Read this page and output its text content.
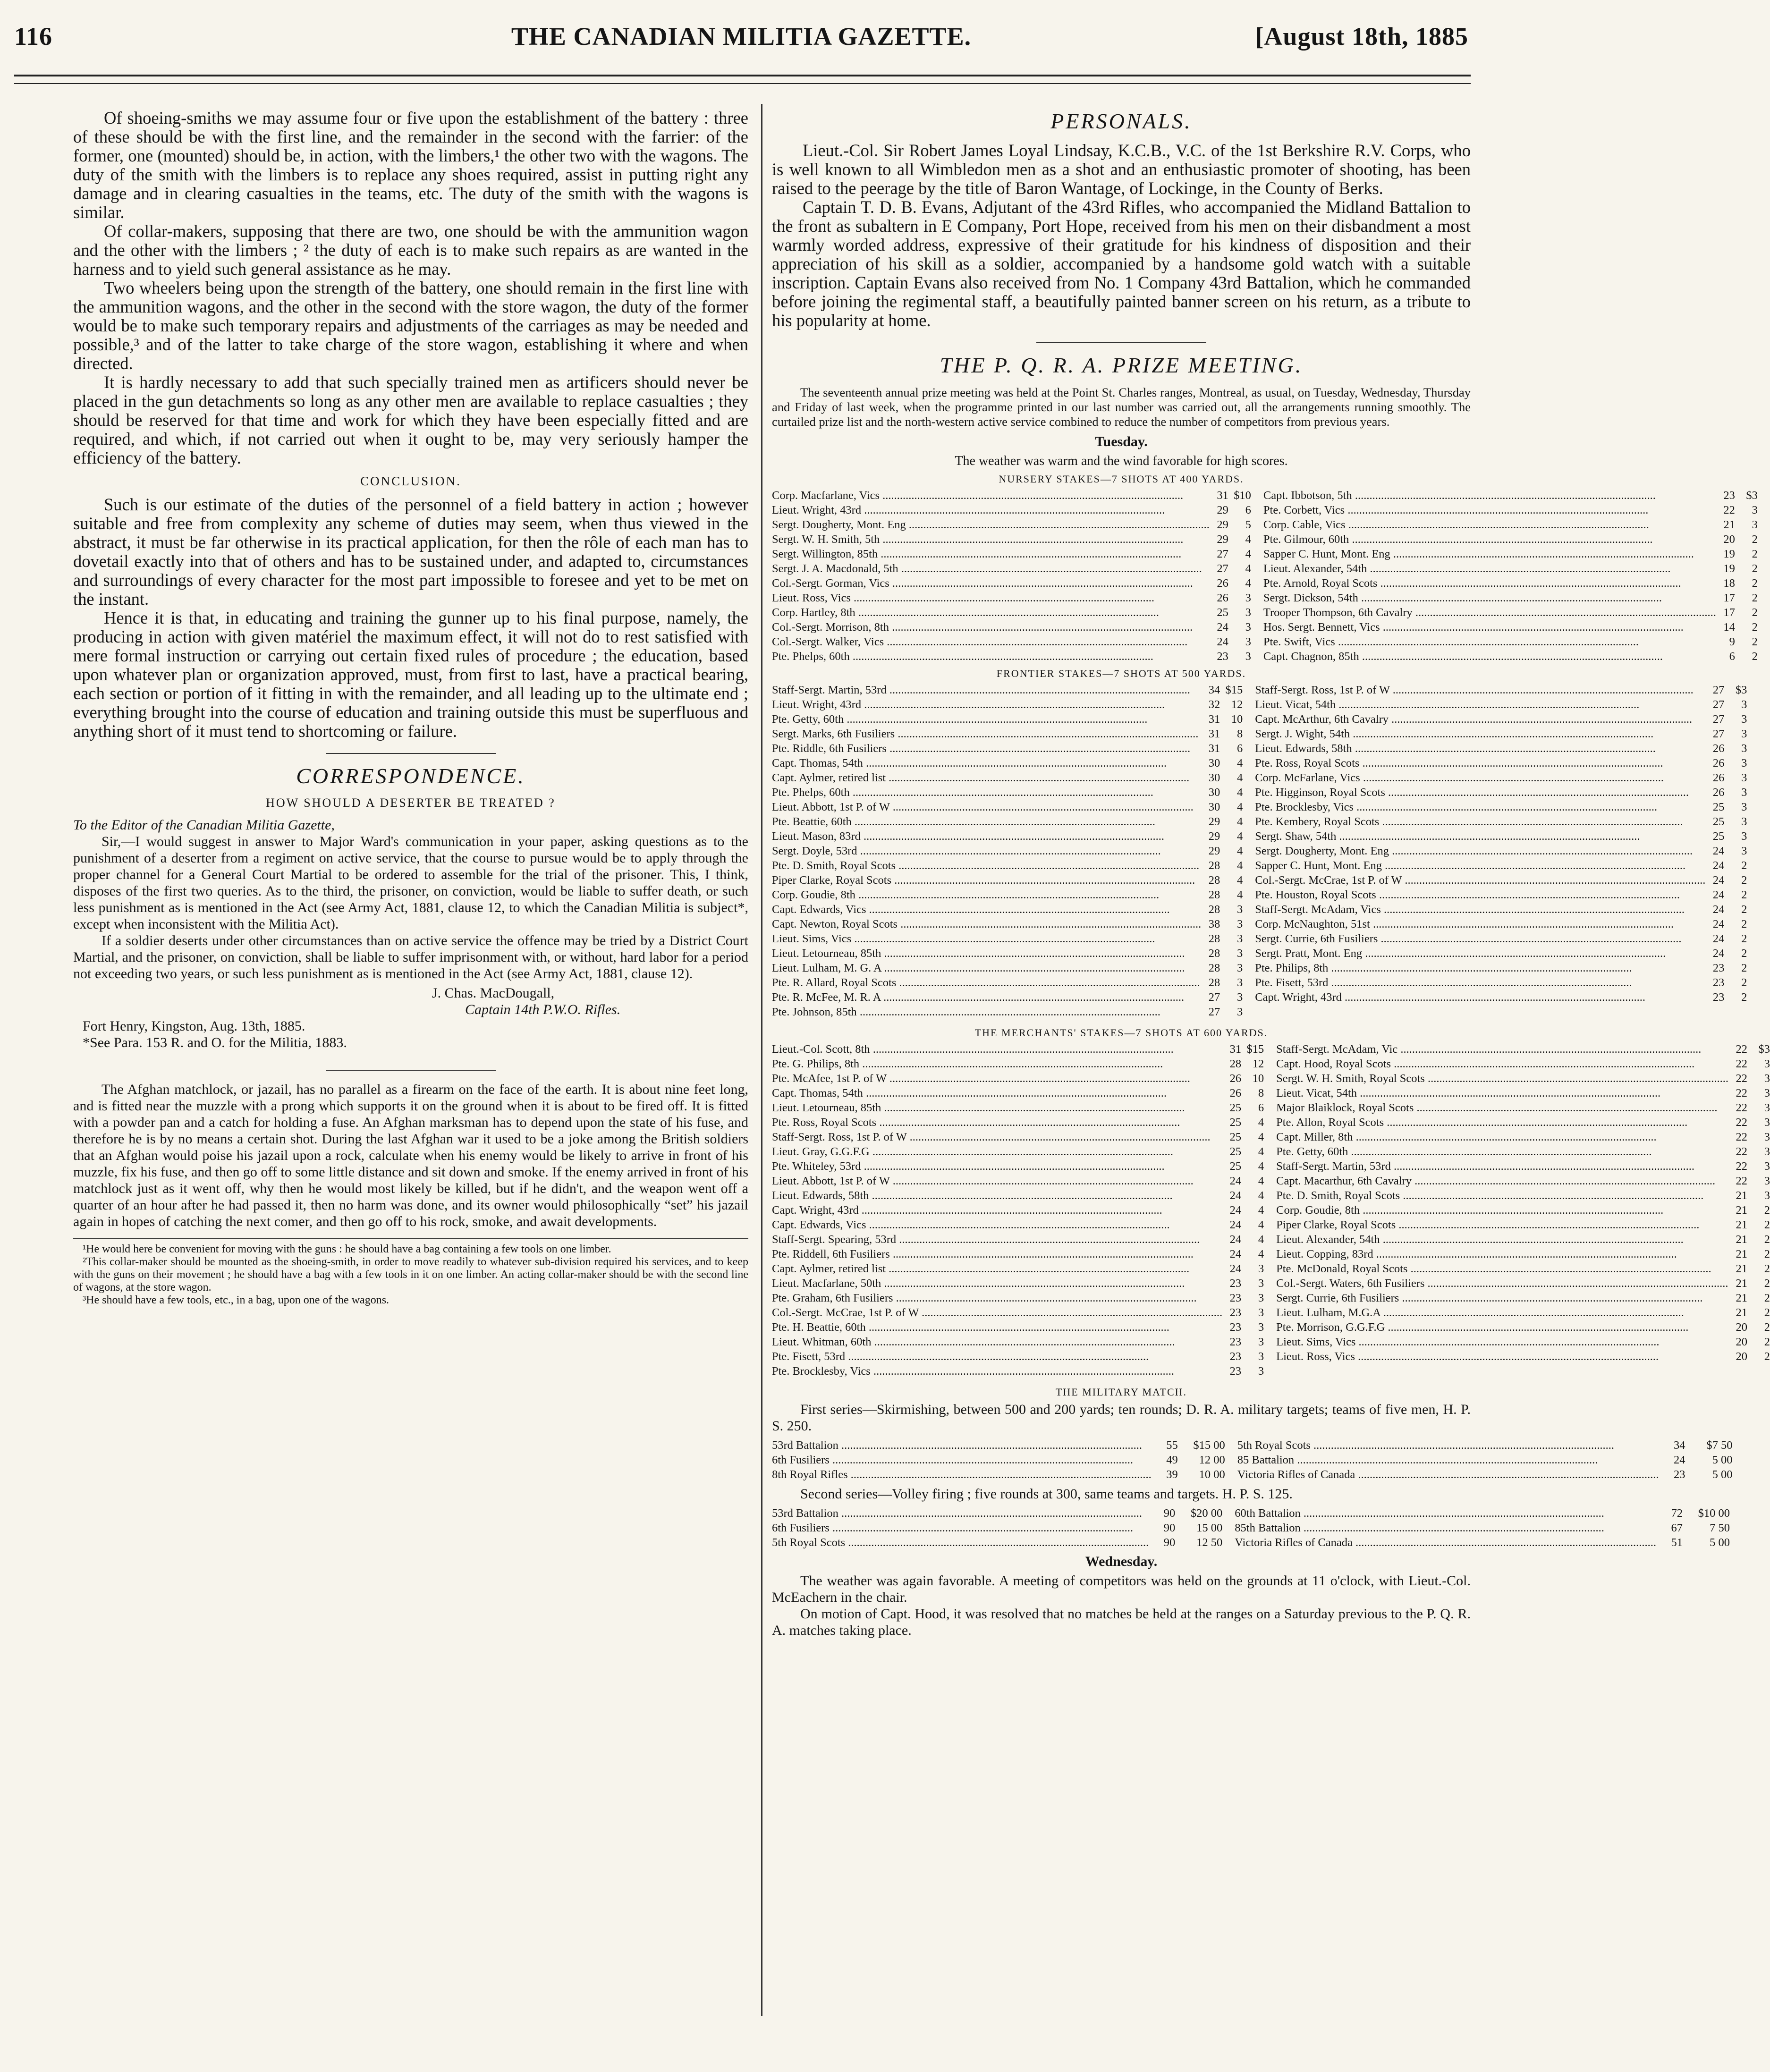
116	THE CANADIAN MILITIA GAZETTE.	[August 18th, 1885

Of shoeing-smiths we may assume four or five upon the establishment of the battery : three of these should be with the first line, and the remainder in the second with the farrier: of the former, one (mounted) should be, in action, with the limbers,¹ the other two with the wagons. The duty of the smith with the limbers is to replace any shoes required, assist in putting right any damage and in clearing casualties in the teams, etc. The duty of the smith with the wagons is similar.

Of collar-makers, supposing that there are two, one should be with the ammunition wagon and the other with the limbers ; ² the duty of each is to make such repairs as are wanted in the harness and to yield such general assistance as he may.

Two wheelers being upon the strength of the battery, one should remain in the first line with the ammunition wagons, and the other in the second with the store wagon, the duty of the former would be to make such temporary repairs and adjustments of the carriages as may be needed and possible,³ and of the latter to take charge of the store wagon, establishing it where and when directed.

It is hardly necessary to add that such specially trained men as artificers should never be placed in the gun detachments so long as any other men are available to replace casualties ; they should be reserved for that time and work for which they have been especially fitted and are required, and which, if not carried out when it ought to be, may very seriously hamper the efficiency of the battery.

CONCLUSION.

Such is our estimate of the duties of the personnel of a field battery in action ; however suitable and free from complexity any scheme of duties may seem, when thus viewed in the abstract, it must be far otherwise in its practical application, for then the rôle of each man has to dovetail exactly into that of others and has to be sustained under, and adapted to, circumstances and surroundings of every character for the most part impossible to foresee and yet to be met on the instant.

Hence it is that, in educating and training the gunner up to his final purpose, namely, the producing in action with given matériel the maximum effect, it will not do to rest satisfied with mere formal instruction or carrying out certain fixed rules of procedure ; the education, based upon whatever plan or organization approved, must, from first to last, have a practical bearing, each section or portion of it fitting in with the remainder, and all leading up to the ultimate end ; everything brought into the course of education and training outside this must be superfluous and anything short of it must tend to shortcoming or failure.

CORRESPONDENCE.
HOW SHOULD A DESERTER BE TREATED ?

To the Editor of the Canadian Militia Gazette,

Sir,—I would suggest in answer to Major Ward's communication in your paper, asking questions as to the punishment of a deserter from a regiment on active service, that the course to pursue would be to apply through the proper channel for a General Court Martial to be ordered to assemble for the trial of the prisoner. This, I think, disposes of the first two queries. As to the third, the prisoner, on conviction, would be liable to suffer death, or such less punishment as is mentioned in the Act (see Army Act, 1881, clause 12, to which the Canadian Militia is subject*, except when inconsistent with the Militia Act).

If a soldier deserts under other circumstances than on active service the offence may be tried by a District Court Martial, and the prisoner, on conviction, shall be liable to suffer imprisonment with, or without, hard labor for a period not exceeding two years, or such less punishment as is mentioned in the Act (see Army Act, 1881, clause 12).

J. Chas. MacDougall,
Captain 14th P.W.O. Rifles.
Fort Henry, Kingston, Aug. 13th, 1885.
*See Para. 153 R. and O. for the Militia, 1883.

The Afghan matchlock, or jazail, has no parallel as a firearm on the face of the earth. It is about nine feet long, and is fitted near the muzzle with a prong which supports it on the ground when it is about to be fired off. It is fitted with a powder pan and a catch for holding a fuse. An Afghan marksman has to depend upon the state of his fuse, and therefore he is by no means a certain shot. During the last Afghan war it used to be a joke among the British soldiers that an Afghan would poise his jazail upon a rock, calculate when his enemy would be likely to arrive in front of his muzzle, fix his fuse, and then go off to some little distance and sit down and smoke. If the enemy arrived in front of his matchlock just as it went off, why then he would most likely be killed, but if he didn't, and the weapon went off a quarter of an hour after he had passed it, then no harm was done, and its owner would philosophically “set” his jazail again in hopes of catching the next comer, and then go off to his rock, smoke, and await developments.

¹He would here be convenient for moving with the guns : he should have a bag containing a few tools on one limber.

²This collar-maker should be mounted as the shoeing-smith, in order to move readily to whatever sub-division required his services, and to keep with the guns on their movement ; he should have a bag with a few tools in it on one limber. An acting collar-maker should be with the second line of wagons, at the store wagon.

³He should have a few tools, etc., in a bag, upon one of the wagons.

PERSONALS.

Lieut.-Col. Sir Robert James Loyal Lindsay, K.C.B., V.C. of the 1st Berkshire R.V. Corps, who is well known to all Wimbledon men as a shot and an enthusiastic promoter of shooting, has been raised to the peerage by the title of Baron Wantage, of Lockinge, in the County of Berks.

Captain T. D. B. Evans, Adjutant of the 43rd Rifles, who accompanied the Midland Battalion to the front as subaltern in E Company, Port Hope, received from his men on their disbandment a most warmly worded address, expressive of their gratitude for his kindness of disposition and their appreciation of his skill as a soldier, accompanied by a handsome gold watch with a suitable inscription. Captain Evans also received from No. 1 Company 43rd Battalion, which he commanded before joining the regimental staff, a beautifully painted banner screen on his return, as a tribute to his popularity at home.

THE P. Q. R. A. PRIZE MEETING.

The seventeenth annual prize meeting was held at the Point St. Charles ranges, Montreal, as usual, on Tuesday, Wednesday, Thursday and Friday of last week, when the programme printed in our last number was carried out, all the arrangements running smoothly. The curtailed prize list and the north-western active service combined to reduce the number of competitors from previous years.

Tuesday.

The weather was warm and the wind favorable for high scores.

NURSERY STAKES—7 SHOTS AT 400 YARDS.
Corp. Macfarlane, Vics .....	31 $10
Lieut. Wright, 43rd .....	29	6
Sergt. Dougherty, Mont. Eng .....	29	5
Sergt. W. H. Smith, 5th .....	29	4
Sergt. Willington, 85th .....	27	4
Sergt. J. A. Macdonald, 5th .....	27	4
Col.-Sergt. Gorman, Vics .....	26	4
Lieut. Ross, Vics .....	26	3
Corp. Hartley, 8th .....	25	3
Col.-Sergt. Morrison, 8th .....	24	3
Col.-Sergt. Walker, Vics .....	24	3
Pte. Phelps, 60th .....	23	3
Capt. Ibbotson, 5th .....	23 $3
Pte. Corbett, Vics .....	22	3
Corp. Cable, Vics .....	21	3
Pte. Gilmour, 60th .....	20	2
Sapper C. Hunt, Mont. Eng .....	19	2
Lieut. Alexander, 54th .....	19	2
Pte. Arnold, Royal Scots .....	18	2
Sergt. Dickson, 54th .....	17	2
Trooper Thompson, 6th Cavalry .....	17	2
Hos. Sergt. Bennett, Vics .....	14	2
Pte. Swift, Vics .....	9	2
Capt. Chagnon, 85th .....	6	2
FRONTIER STAKES—7 SHOTS AT 500 YARDS.
Staff-Sergt. Martin, 53rd .....	34 $15
Lieut. Wright, 43rd .....	32 12
Pte. Getty, 60th .....	31 10
Sergt. Marks, 6th Fusiliers .....	31	8
Pte. Riddle, 6th Fusiliers .....	31	6
Capt. Thomas, 54th .....	30	4
Capt. Aylmer, retired list .....	30	4
Pte. Phelps, 60th .....	30	4
Lieut. Abbott, 1st P. of W .....	30	4
Pte. Beattie, 60th .....	29	4
Lieut. Mason, 83rd .....	29	4
Sergt. Doyle, 53rd .....	29	4
Pte. D. Smith, Royal Scots .....	28	4
Piper Clarke, Royal Scots .....	28	4
Corp. Goudie, 8th .....	28	4
Capt. Edwards, Vics .....	28	3
Capt. Newton, Royal Scots .....	38	3
Lieut. Sims, Vics .....	28	3
Lieut. Letourneau, 85th .....	28	3
Lieut. Lulham, M. G. A .....	28	3
Pte. R. Allard, Royal Scots .....	28	3
Pte. R. McFee, M. R. A .....	27	3
Pte. Johnson, 85th .....	27	3
Staff-Sergt. Ross, 1st P. of W .....	27 $3
Lieut. Vicat, 54th .....	27	3
Capt. McArthur, 6th Cavalry .....	27	3
Sergt. J. Wight, 54th .....	27	3
Lieut. Edwards, 58th .....	26	3
Pte. Ross, Royal Scots .....	26	3
Corp. McFarlane, Vics .....	26	3
Pte. Higginson, Royal Scots .....	26	3
Pte. Brocklesby, Vics .....	25	3
Pte. Kembery, Royal Scots .....	25	3
Sergt. Shaw, 54th .....	25	3
Sergt. Dougherty, Mont. Eng .....	24	3
Sapper C. Hunt, Mont. Eng .....	24	2
Col.-Sergt. McCrae, 1st P. of W .....	24	2
Pte. Houston, Royal Scots .....	24	2
Staff-Sergt. McAdam, Vics .....	24	2
Corp. McNaughton, 51st .....	24	2
Sergt. Currie, 6th Fusiliers .....	24	2
Sergt. Pratt, Mont. Eng .....	24	2
Pte. Philips, 8th .....	23	2
Pte. Fisett, 53rd .....	23	2
Capt. Wright, 43rd .....	23	2
THE MERCHANTS' STAKES—7 SHOTS AT 600 YARDS.
Lieut.-Col. Scott, 8th .....	31 $15
Pte. G. Philips, 8th .....	28 12
Pte. McAfee, 1st P. of W .....	26 10
Capt. Thomas, 54th .....	26	8
Lieut. Letourneau, 85th .....	25	6
Pte. Ross, Royal Scots .....	25	4
Staff-Sergt. Ross, 1st P. of W .....	25	4
Lieut. Gray, G.G.F.G .....	25	4
Pte. Whiteley, 53rd .....	25	4
Lieut. Abbott, 1st P. of W .....	24	4
Lieut. Edwards, 58th .....	24	4
Capt. Wright, 43rd .....	24	4
Capt. Edwards, Vics .....	24	4
Staff-Sergt. Spearing, 53rd .....	24	4
Pte. Riddell, 6th Fusiliers .....	24	4
Capt. Aylmer, retired list .....	24	3
Lieut. Macfarlane, 50th .....	23	3
Pte. Graham, 6th Fusiliers .....	23	3
Col.-Sergt. McCrae, 1st P. of W .....	23	3
Pte. H. Beattie, 60th .....	23	3
Lieut. Whitman, 60th .....	23	3
Pte. Fisett, 53rd .....	23	3
Pte. Brocklesby, Vics .....	23	3
Staff-Sergt. McAdam, Vic .....	22 $3
Capt. Hood, Royal Scots .....	22	3
Sergt. W. H. Smith, Royal Scots .....	22	3
Lieut. Vicat, 54th .....	22	3
Major Blaiklock, Royal Scots .....	22	3
Pte. Allon, Royal Scots .....	22	3
Capt. Miller, 8th .....	22	3
Pte. Getty, 60th .....	22	3
Staff-Sergt. Martin, 53rd .....	22	3
Capt. Macarthur, 6th Cavalry .....	22	3
Pte. D. Smith, Royal Scots .....	21	3
Corp. Goudie, 8th .....	21	2
Piper Clarke, Royal Scots .....	21	2
Lieut. Alexander, 54th .....	21	2
Lieut. Copping, 83rd .....	21	2
Pte. McDonald, Royal Scots .....	21	2
Col.-Sergt. Waters, 6th Fusiliers .....	21	2
Sergt. Currie, 6th Fusiliers .....	21	2
Lieut. Lulham, M.G.A .....	21	2
Pte. Morrison, G.G.F.G .....	20	2
Lieut. Sims, Vics .....	20	2
Lieut. Ross, Vics .....	20	2
THE MILITARY MATCH.

First series—Skirmishing, between 500 and 200 yards; ten rounds; D. R. A. military targets; teams of five men, H. P. S. 250.

53rd Battalion .....	55	$15 00
6th Fusiliers .....	49	12 00
8th Royal Rifles .....	39	10 00
5th Royal Scots .....	34	$7 50
85 Battalion .....	24	5 00
Victoria Rifles of Canada .....	23	5 00

Second series—Volley firing ; five rounds at 300, same teams and targets. H. P. S. 125.

53rd Battalion .....	90	$20 00
6th Fusiliers .....	90	15 00
5th Royal Scots .....	90	12 50
60th Battalion .....	72	$10 00
85th Battalion .....	67	7 50
Victoria Rifles of Canada .....	51	5 00
Wednesday.

The weather was again favorable. A meeting of competitors was held on the grounds at 11 o'clock, with Lieut.-Col. McEachern in the chair.

On motion of Capt. Hood, it was resolved that no matches be held at the ranges on a Saturday previous to the P. Q. R. A. matches taking place.
